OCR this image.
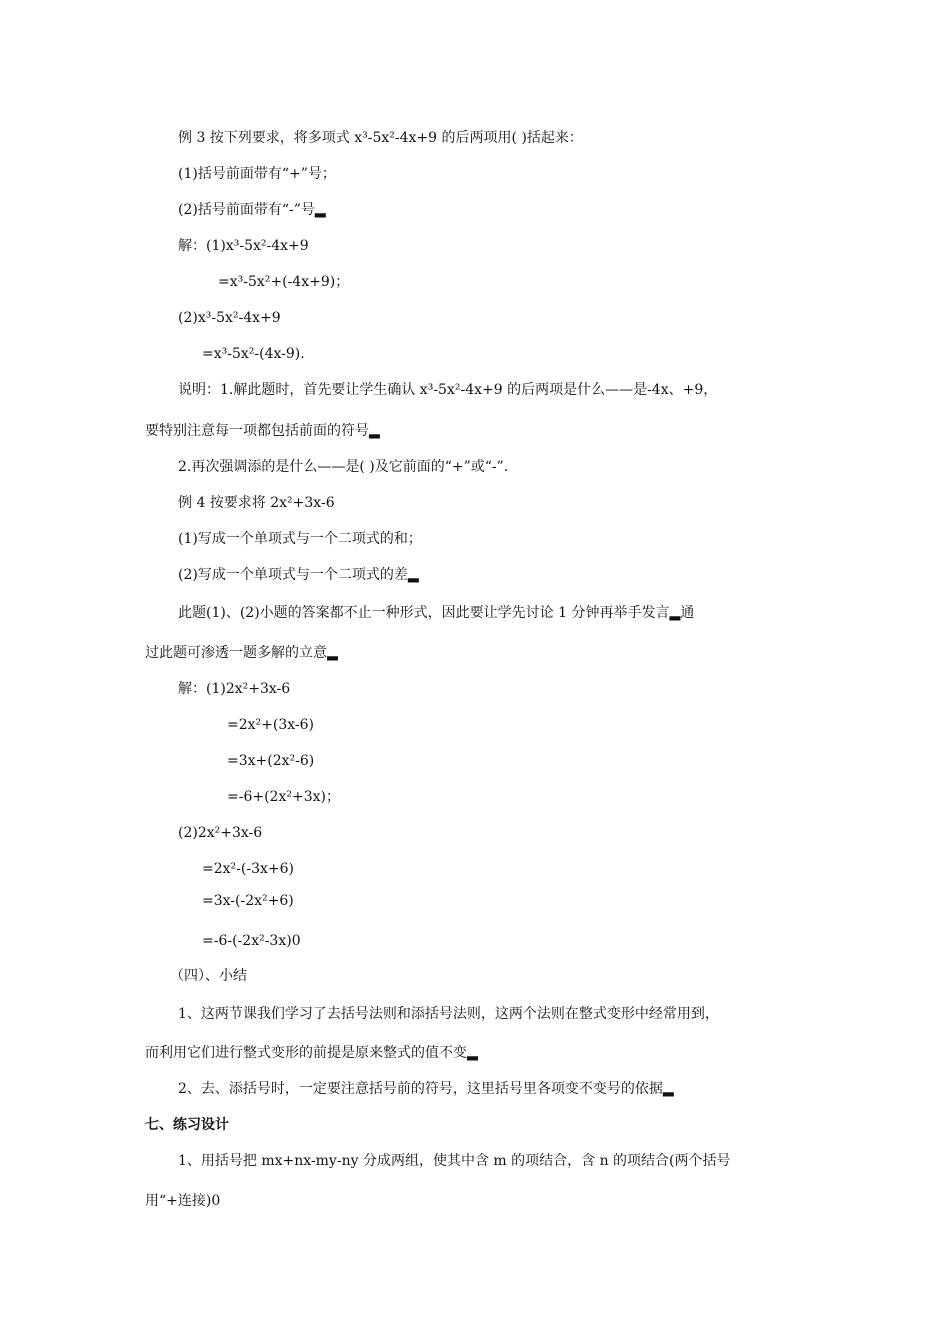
例 3 按下列要求，将多项式 x³-5x²-4x+9 的后两项用( )括起来：
(1)括号前面带有“+”号；
(2)括号前面带有“-”号▂
解：(1)x³-5x²-4x+9
=x³-5x²+(-4x+9)；
(2)x³-5x²-4x+9
=x³-5x²-(4x-9).
说明：1.解此题时，首先要让学生确认 x³-5x²-4x+9 的后两项是什么——是-4x、+9，
要特别注意每一项都包括前面的符号▂
2.再次强调添的是什么——是( )及它前面的“+”或“-”.
例 4 按要求将 2x²+3x-6
(1)写成一个单项式与一个二项式的和；
(2)写成一个单项式与一个二项式的差▂
此题(1)、(2)小题的答案都不止一种形式，因此要让学先讨论 1 分钟再举手发言▂通
过此题可渗透一题多解的立意▂
解：(1)2x²+3x-6
=2x²+(3x-6)
=3x+(2x²-6)
=-6+(2x²+3x)；
(2)2x²+3x-6
=2x²-(-3x+6)
=3x-(-2x²+6)
=-6-(-2x²-3x)0
（四）、小结
1、这两节课我们学习了去括号法则和添括号法则，这两个法则在整式变形中经常用到，
而利用它们进行整式变形的前提是原来整式的值不变▂
2、去、添括号时，一定要注意括号前的符号，这里括号里各项变不变号的依据▂
七、练习设计
1、用括号把 mx+nx-my-ny 分成两组，使其中含 m 的项结合，含 n 的项结合(两个括号
用“+连接)0
